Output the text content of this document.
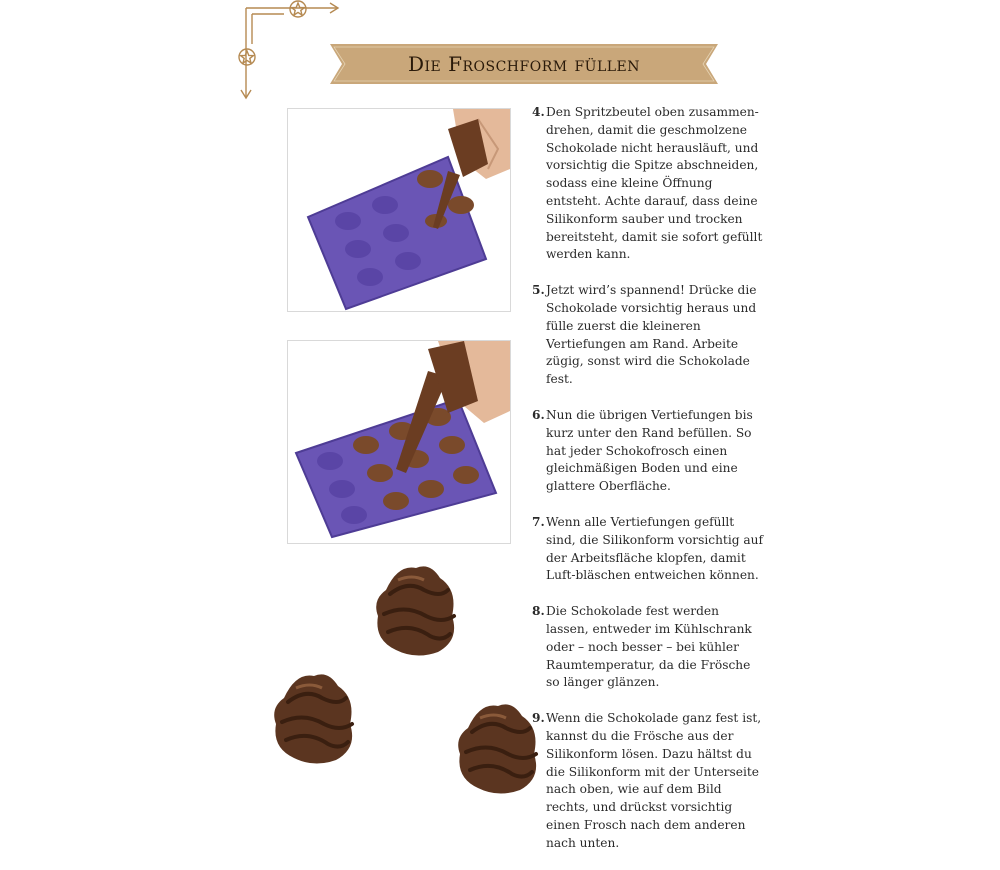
Die Froschform füllen
4. Den Spritzbeutel oben zusammen-drehen, damit die geschmolzene Schokolade nicht herausläuft, und vorsichtig die Spitze abschneiden, sodass eine kleine Öffnung entsteht. Achte darauf, dass deine Silikonform sauber und trocken bereitsteht, damit sie sofort gefüllt werden kann.
5. Jetzt wird’s spannend! Drücke die Schokolade vorsichtig heraus und fülle zuerst die kleineren Vertiefungen am Rand. Arbeite zügig, sonst wird die Schokolade fest.
6. Nun die übrigen Vertiefungen bis kurz unter den Rand befüllen. So hat jeder Schokofrosch einen gleichmäßigen Boden und eine glattere Oberfläche.
7. Wenn alle Vertiefungen gefüllt sind, die Silikonform vorsichtig auf der Arbeitsfläche klopfen, damit Luft-bläschen entweichen können.
8. Die Schokolade fest werden lassen, entweder im Kühlschrank oder – noch besser – bei kühler Raumtemperatur, da die Frösche so länger glänzen.
9. Wenn die Schokolade ganz fest ist, kannst du die Frösche aus der Silikonform lösen. Dazu hältst du die Silikonform mit der Unterseite nach oben, wie auf dem Bild rechts, und drückst vorsichtig einen Frosch nach dem anderen nach unten.
